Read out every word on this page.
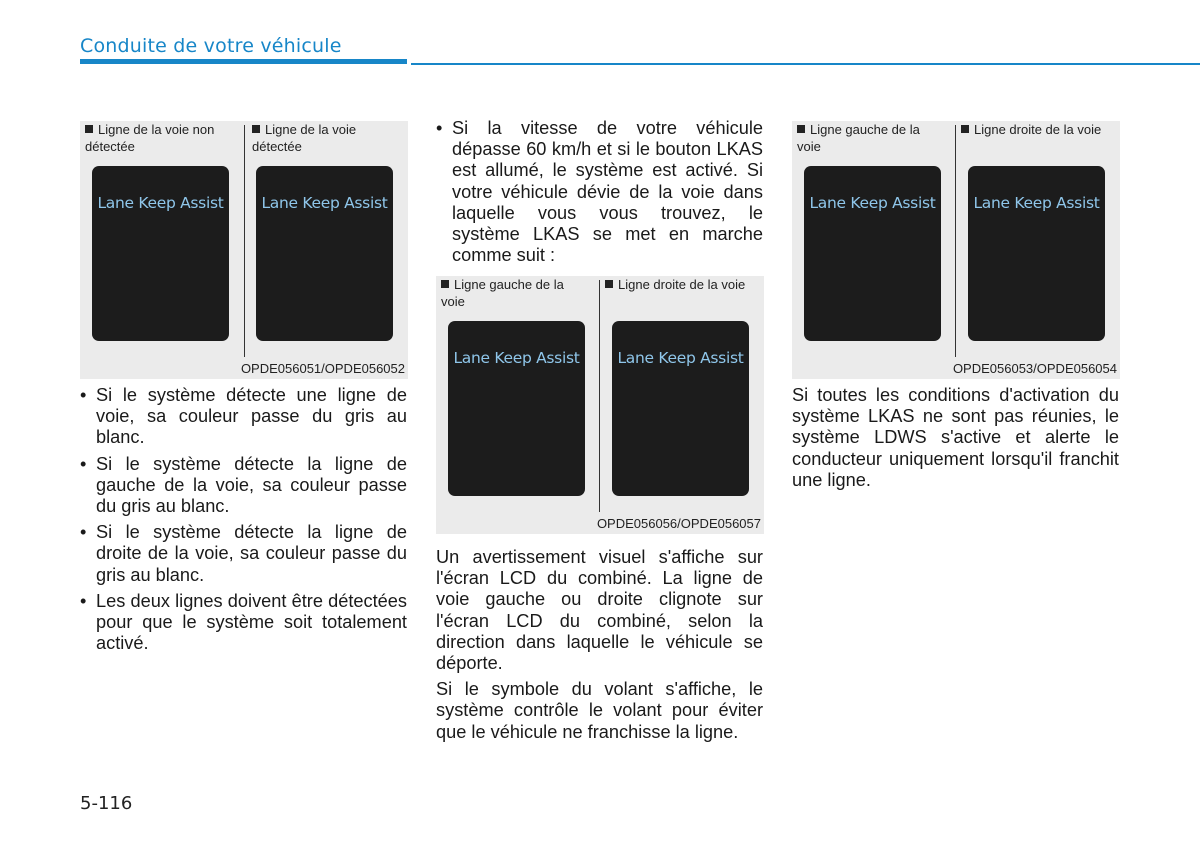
Conduite de votre véhicule
Ligne de la voie non détectée
Ligne de la voie détectée
Lane Keep Assist	Lane Keep Assist
OPDE056051/OPDE056052
Ligne gauche de la voie
Ligne droite de la voie
Lane Keep Assist	Lane Keep Assist
OPDE056056/OPDE056057
Ligne gauche de la voie
Ligne droite de la voie
Lane Keep Assist	Lane Keep Assist
OPDE056053/OPDE056054
• Si le système détecte une ligne de voie, sa couleur passe du gris au blanc.
• Si le système détecte la ligne de gauche de la voie, sa couleur passe du gris au blanc.
• Si le système détecte la ligne de droite de la voie, sa couleur passe du gris au blanc.
• Les deux lignes doivent être détectées pour que le système soit totalement activé.
• Si la vitesse de votre véhicule dépasse 60 km/h et si le bouton LKAS est allumé, le système est activé. Si votre véhicule dévie de la voie dans laquelle vous vous trouvez, le système LKAS se met en marche comme suit :

Un avertissement visuel s'affiche sur l'écran LCD du combiné. La ligne de voie gauche ou droite clignote sur l'écran LCD du combiné, selon la direction dans laquelle le véhicule se déporte.

Si le symbole du volant s'affiche, le système contrôle le volant pour éviter que le véhicule ne franchisse la ligne.

Si toutes les conditions d'activation du système LKAS ne sont pas réunies, le système LDWS s'active et alerte le conducteur uniquement lorsqu'il franchit une ligne.

5-116
